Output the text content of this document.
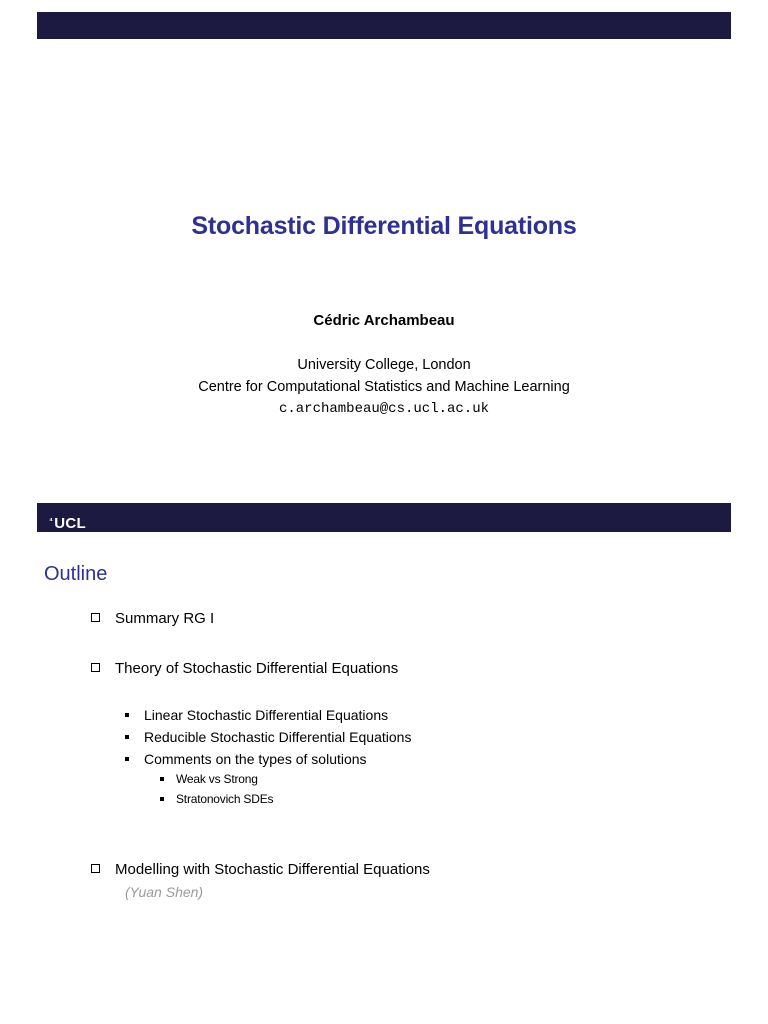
Stochastic Differential Equations
Cédric Archambeau
University College, London
Centre for Computational Statistics and Machine Learning
c.archambeau@cs.ucl.ac.uk
$^{^4}$UCL
Outline
Summary RG I
Theory of Stochastic Differential Equations
Linear Stochastic Differential Equations
Reducible Stochastic Differential Equations
Comments on the types of solutions
Weak vs Strong
Stratonovich SDEs
Modelling with Stochastic Differential Equations
(Yuan Shen)
